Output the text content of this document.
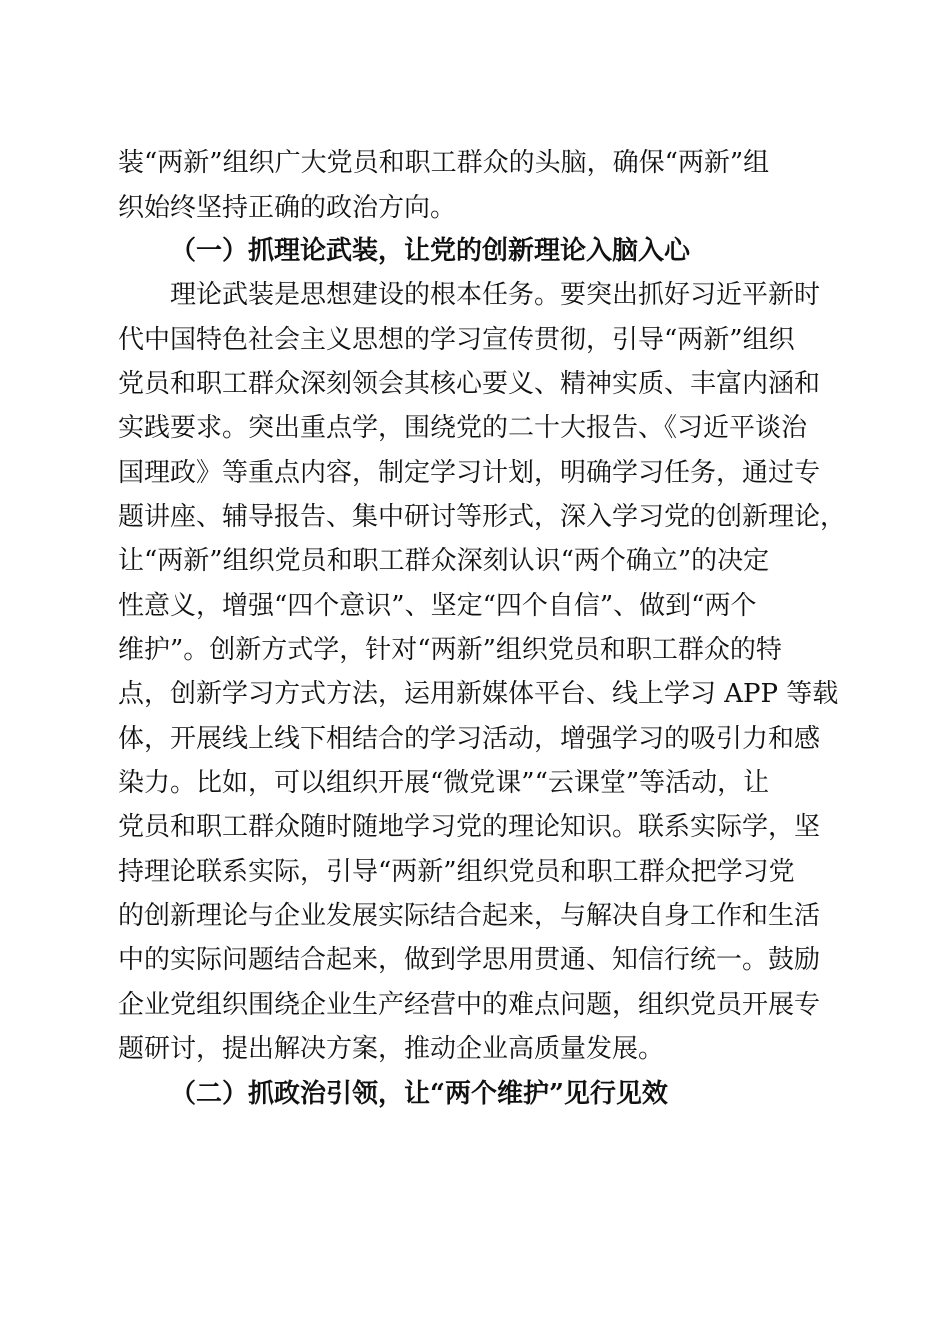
装“两新”组织广大党员和职工群众的头脑，确保“两新”组
织始终坚持正确的政治方向。
（一）抓理论武装，让党的创新理论入脑入心
理论武装是思想建设的根本任务。要突出抓好习近平新时
代中国特色社会主义思想的学习宣传贯彻，引导“两新”组织
党员和职工群众深刻领会其核心要义、精神实质、丰富内涵和
实践要求。突出重点学，围绕党的二十大报告、《习近平谈治
国理政》等重点内容，制定学习计划，明确学习任务，通过专
题讲座、辅导报告、集中研讨等形式，深入学习党的创新理论，
让“两新”组织党员和职工群众深刻认识“两个确立”的决定
性意义，增强“四个意识”、坚定“四个自信”、做到“两个
维护”。创新方式学，针对“两新”组织党员和职工群众的特
点，创新学习方式方法，运用新媒体平台、线上学习 APP 等载
体，开展线上线下相结合的学习活动，增强学习的吸引力和感
染力。比如，可以组织开展“微党课”“云课堂”等活动，让
党员和职工群众随时随地学习党的理论知识。联系实际学，坚
持理论联系实际，引导“两新”组织党员和职工群众把学习党
的创新理论与企业发展实际结合起来，与解决自身工作和生活
中的实际问题结合起来，做到学思用贯通、知信行统一。鼓励
企业党组织围绕企业生产经营中的难点问题，组织党员开展专
题研讨，提出解决方案，推动企业高质量发展。
（二）抓政治引领，让“两个维护”见行见效
